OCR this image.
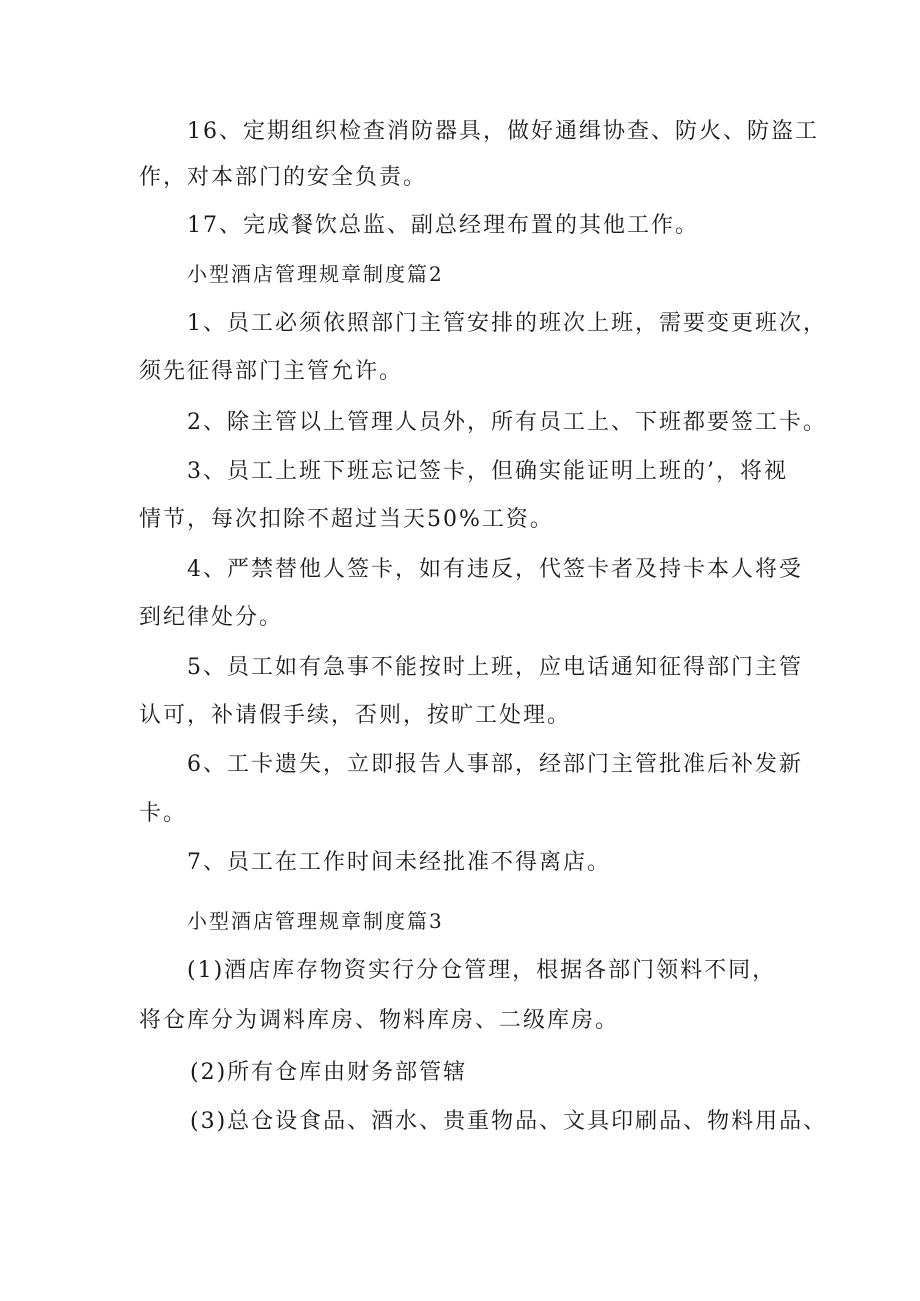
16、定期组织检查消防器具，做好通缉协查、防火、防盗工
作，对本部门的安全负责。
17、完成餐饮总监、副总经理布置的其他工作。
小型酒店管理规章制度篇2
1、员工必须依照部门主管安排的班次上班，需要变更班次，
须先征得部门主管允许。
2、除主管以上管理人员外，所有员工上、下班都要签工卡。
3、员工上班下班忘记签卡，但确实能证明上班的’，将视
情节，每次扣除不超过当天50%工资。
4、严禁替他人签卡，如有违反，代签卡者及持卡本人将受
到纪律处分。
5、员工如有急事不能按时上班，应电话通知征得部门主管
认可，补请假手续，否则，按旷工处理。
6、工卡遗失，立即报告人事部，经部门主管批准后补发新
卡。
7、员工在工作时间未经批准不得离店。
小型酒店管理规章制度篇3
(1)酒店库存物资实行分仓管理，根据各部门领料不同，
将仓库分为调料库房、物料库房、二级库房。
(2)所有仓库由财务部管辖
(3)总仓设食品、酒水、贵重物品、文具印刷品、物料用品、
